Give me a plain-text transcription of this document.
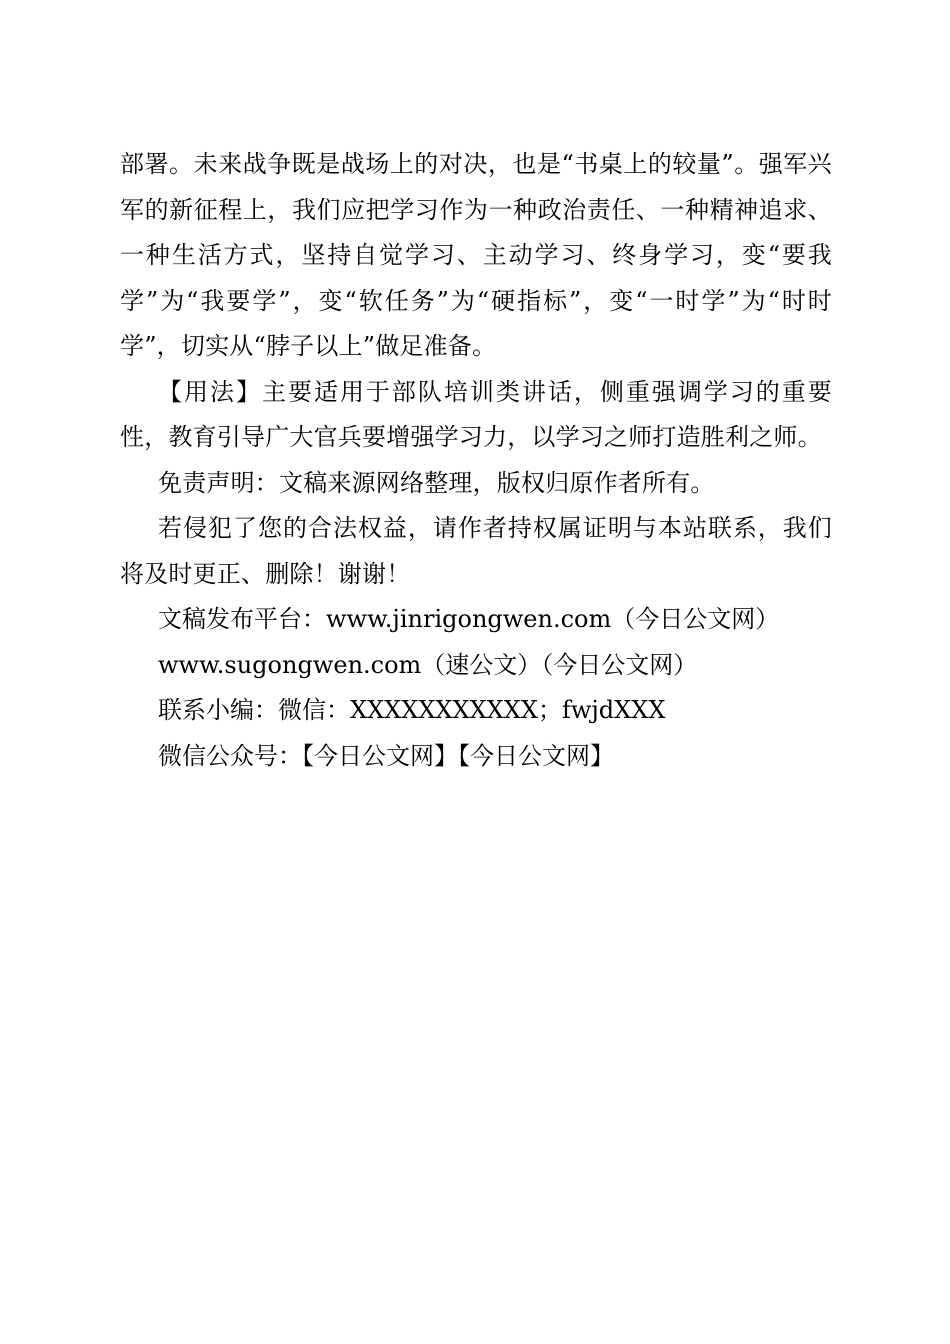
部署。未来战争既是战场上的对决，也是“书桌上的较量”。强军兴军的新征程上，我们应把学习作为一种政治责任、一种精神追求、一种生活方式，坚持自觉学习、主动学习、终身学习，变“要我学”为“我要学”，变“软任务”为“硬指标”，变“一时学”为“时时学”，切实从“脖子以上”做足准备。

【用法】主要适用于部队培训类讲话，侧重强调学习的重要性，教育引导广大官兵要增强学习力，以学习之师打造胜利之师。

免责声明：文稿来源网络整理，版权归原作者所有。

若侵犯了您的合法权益，请作者持权属证明与本站联系，我们将及时更正、删除！谢谢！

文稿发布平台：www.jinrigongwen.com（今日公文网）
www.sugongwen.com（速公文）（今日公文网）
联系小编：微信：XXXXXXXXXXX；fwjdXXX
微信公众号：【今日公文网】【今日公文网】
